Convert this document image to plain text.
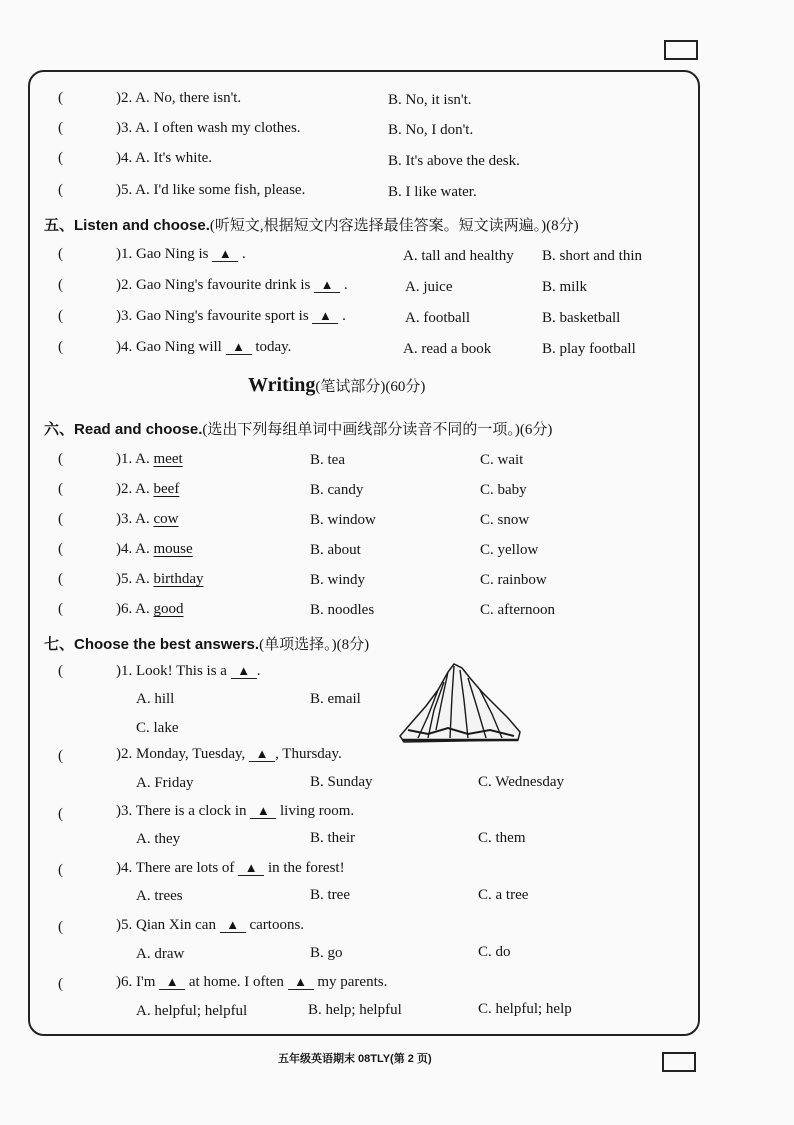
(	)2. A. No, there isn't.	B. No, it isn't.
(	)3. A. I often wash my clothes.	B. No, I don't.
(	)4. A. It's white.	B. It's above the desk.
(	)5. A. I'd like some fish, please.	B. I like water.
五、Listen and choose.(听短文,根据短文内容选择最佳答案。短文读两遍。)(8分)
(	)1. Gao Ning is ▲ .	A. tall and healthy B. short and thin
(	)2. Gao Ning's favourite drink is ▲ .	A. juice	B. milk
(	)3. Gao Ning's favourite sport is ▲ .	A. football	B. basketball
(	)4. Gao Ning will ▲ today.	A. read a book	B. play football
Writing(笔试部分)(60分)
六、Read and choose.(选出下列每组单词中画线部分读音不同的一项。)(6分)
(	)1. A. meet	B. tea	C. wait
(	)2. A. beef	B. candy	C. baby
(	)3. A. cow	B. window	C. snow
(	)4. A. mouse	B. about	C. yellow
(	)5. A. birthday	B. windy	C. rainbow
(	)6. A. good	B. noodles	C. afternoon
七、Choose the best answers.(单项选择。)(8分)
(	)1. Look! This is a ▲ .
A. hill	B. email
C. lake
(	)2. Monday, Tuesday, ▲ , Thursday.
A. Friday	B. Sunday	C. Wednesday
(	)3. There is a clock in ▲ living room.
A. they	B. their	C. them
(	)4. There are lots of ▲ in the forest!
A. trees	B. tree	C. a tree
(	)5. Qian Xin can ▲ cartoons.
A. draw	B. go	C. do
(	)6. I'm ▲ at home. I often ▲ my parents.
A. helpful; helpful	B. help; helpful	C. helpful; help
五年级英语期末 08TLY(第 2 页)
